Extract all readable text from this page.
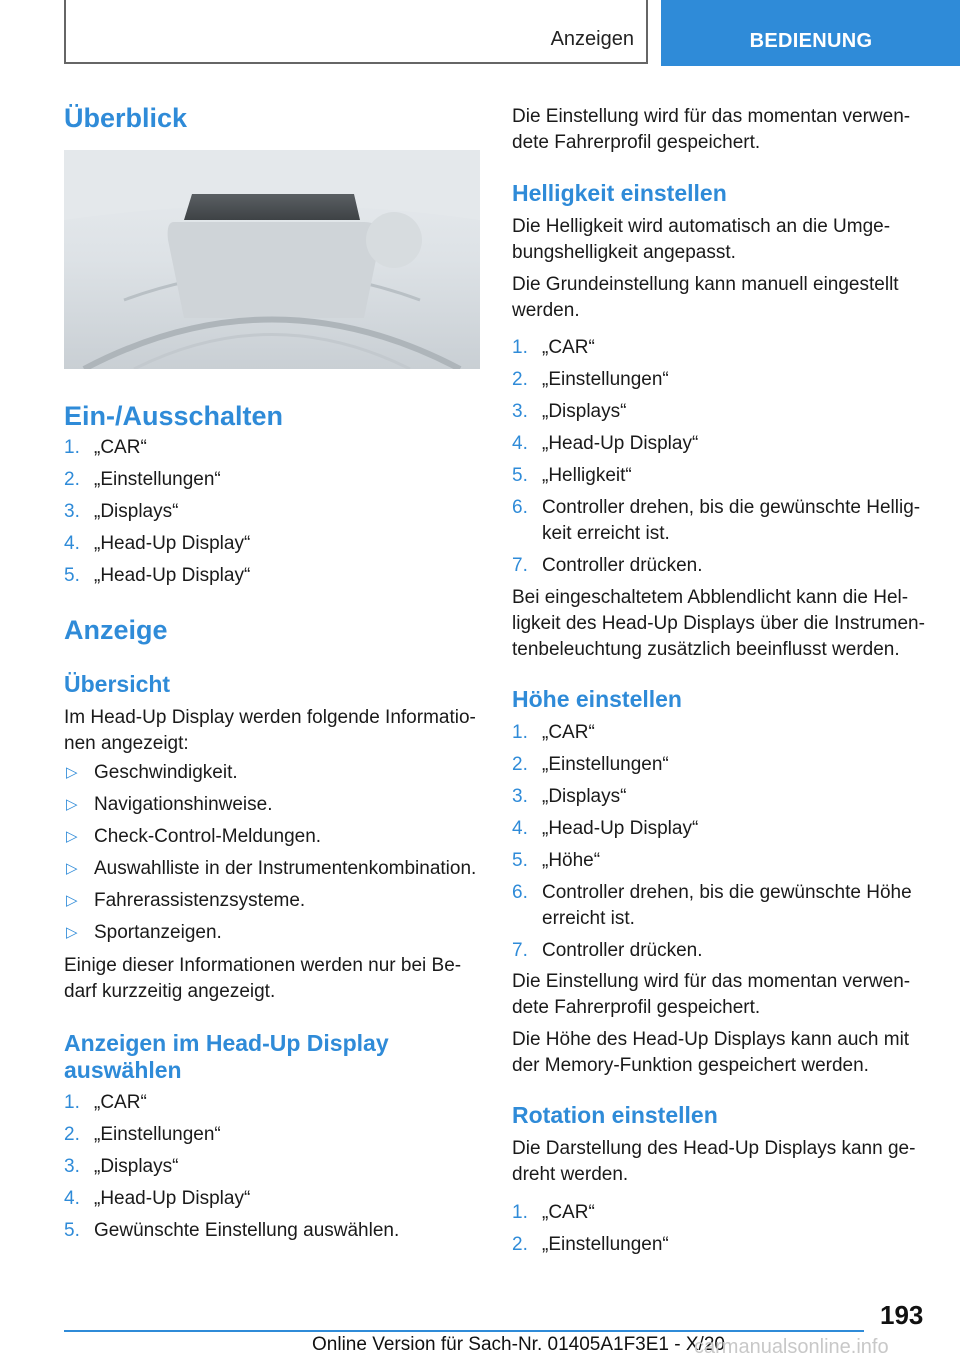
Anzeigen	BEDIENUNG
Überblick
Ein-/Ausschalten
1. „CAR“
2. „Einstellungen“
3. „Displays“
4. „Head-Up Display“
5. „Head-Up Display“
Anzeige
Übersicht

Im Head-Up Display werden folgende Informatio‐

nen angezeigt:

▷ Geschwindigkeit.
▷ Navigationshinweise.
▷ Check-Control-Meldungen.
▷ Auswahlliste in der Instrumentenkombination.
▷ Fahrerassistenzsysteme.
▷ Sportanzeigen.

Einige dieser Informationen werden nur bei Be‐

darf kurzzeitig angezeigt.

Anzeigen im Head-Up Display
auswählen
1. „CAR“
2. „Einstellungen“
3. „Displays“
4. „Head-Up Display“
5. Gewünschte Einstellung auswählen.

Die Einstellung wird für das momentan verwen‐

dete Fahrerprofil gespeichert.

Helligkeit einstellen

Die Helligkeit wird automatisch an die Umge‐

bungshelligkeit angepasst.

Die Grundeinstellung kann manuell eingestellt

werden.

1. „CAR“
2. „Einstellungen“
3. „Displays“
4. „Head-Up Display“
5. „Helligkeit“
6. Controller drehen, bis die gewünschte Hellig‐
keit erreicht ist.
7. Controller drücken.

Bei eingeschaltetem Abblendlicht kann die Hel‐

ligkeit des Head-Up Displays über die Instrumen‐

tenbeleuchtung zusätzlich beeinflusst werden.

Höhe einstellen
1. „CAR“
2. „Einstellungen“
3. „Displays“
4. „Head-Up Display“
5. „Höhe“
6. Controller drehen, bis die gewünschte Höhe
erreicht ist.
7. Controller drücken.

Die Einstellung wird für das momentan verwen‐

dete Fahrerprofil gespeichert.

Die Höhe des Head-Up Displays kann auch mit

der Memory-Funktion gespeichert werden.

Rotation einstellen

Die Darstellung des Head-Up Displays kann ge‐

dreht werden.

1. „CAR“
2. „Einstellungen“
193
Online Version für Sach-Nr. 01405A1F3E1 - X/20
carmanualsonline.info
